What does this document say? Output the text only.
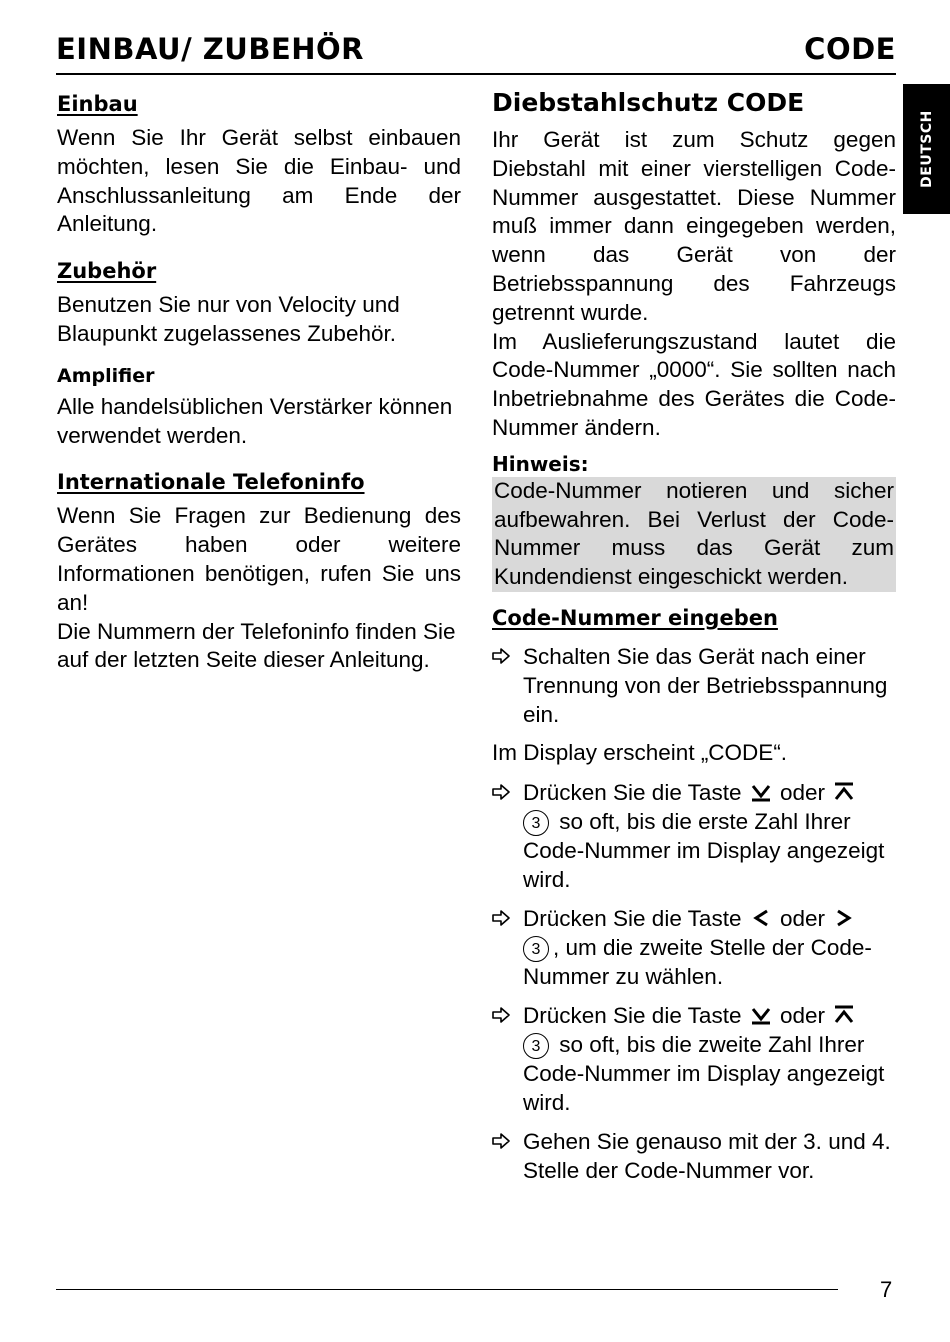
EINBAU/ ZUBEHÖR	CODE
DEUTSCH
Einbau

Wenn Sie Ihr Gerät selbst einbauen möchten, lesen Sie die Einbau- und Anschlussanleitung am Ende der Anleitung.

Zubehör

Benutzen Sie nur von Velocity und Blaupunkt zugelassenes Zubehör.

Amplifier

Alle handelsüblichen Verstärker können verwendet werden.

Internationale Telefoninfo

Wenn Sie Fragen zur Bedienung des Gerätes haben oder weitere Informationen benötigen, rufen Sie uns an!

Die Nummern der Telefoninfo finden Sie auf der letzten Seite dieser Anleitung.

Diebstahlschutz CODE

Ihr Gerät ist zum Schutz gegen Diebstahl mit einer vierstelligen Code-Nummer ausgestattet. Diese Nummer muß immer dann eingegeben werden, wenn das Gerät von der Betriebsspannung des Fahrzeugs getrennt wurde.

Im Auslieferungszustand lautet die Code-Nummer „0000“. Sie sollten nach Inbetriebnahme des Gerätes die Code-Nummer ändern.

Hinweis:

Code-Nummer notieren und sicher aufbewahren. Bei Verlust der Code-Nummer muss das Gerät zum Kundendienst eingeschickt werden.

Code-Nummer eingeben
Schalten Sie das Gerät nach einer Trennung von der Betriebsspannung ein.

Im Display erscheint „CODE“.

Drücken Sie die Taste oder

3 so oft, bis die erste Zahl Ihrer Code-Nummer im Display angezeigt wird.
Drücken Sie die Taste oder

3 , um die zweite Stelle der Code-Nummer zu wählen.
Drücken Sie die Taste oder

3 so oft, bis die zweite Zahl Ihrer Code-Nummer im Display angezeigt wird.
Gehen Sie genauso mit der 3. und 4. Stelle der Code-Nummer vor.
7
